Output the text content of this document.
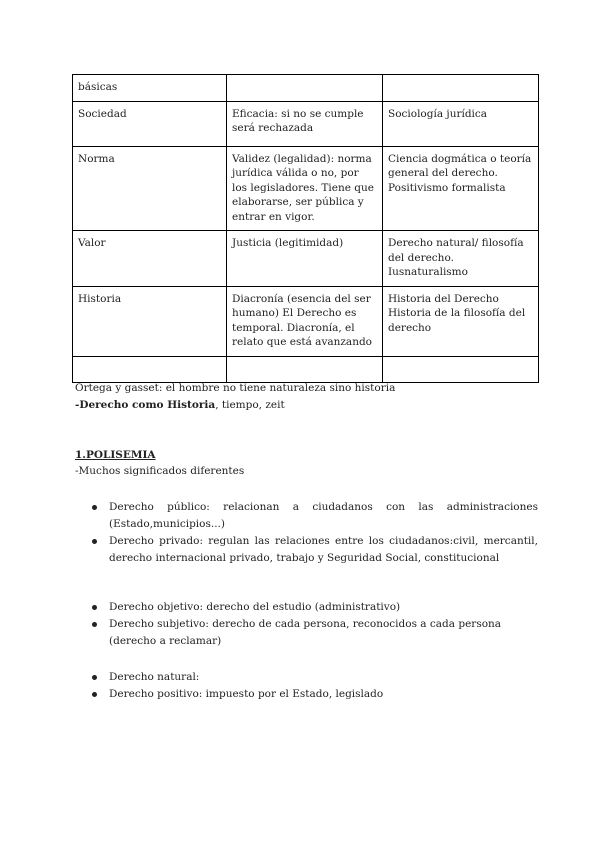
básicas		
Sociedad	Eficacia: si no se cumple será rechazada	Sociología jurídica
Norma	Validez (legalidad): norma jurídica válida o no, por los legisladores. Tiene que elaborarse, ser pública y entrar en vigor.	Ciencia dogmática o teoría general del derecho. Positivismo formalista
Valor	Justicia (legitimidad)	Derecho natural/ filosofía del derecho. Iusnaturalismo
Historia	Diacronía (esencia del ser humano) El Derecho es temporal. Diacronía, el relato que está avanzando	Historia del Derecho Historia de la filosofía del derecho

Ortega y gasset: el hombre no tiene naturaleza sino historia
-Derecho como Historia, tiempo, zeit
1.POLISEMIA
-Muchos significados diferentes
Derecho público: relacionan a ciudadanos con las administraciones (Estado,municipios...)
Derecho privado: regulan las relaciones entre los ciudadanos:civil, mercantil, derecho internacional privado, trabajo y Seguridad Social, constitucional
Derecho objetivo: derecho del estudio (administrativo)
Derecho subjetivo: derecho de cada persona, reconocidos a cada persona (derecho a reclamar)
Derecho natural:
Derecho positivo: impuesto por el Estado, legislado
